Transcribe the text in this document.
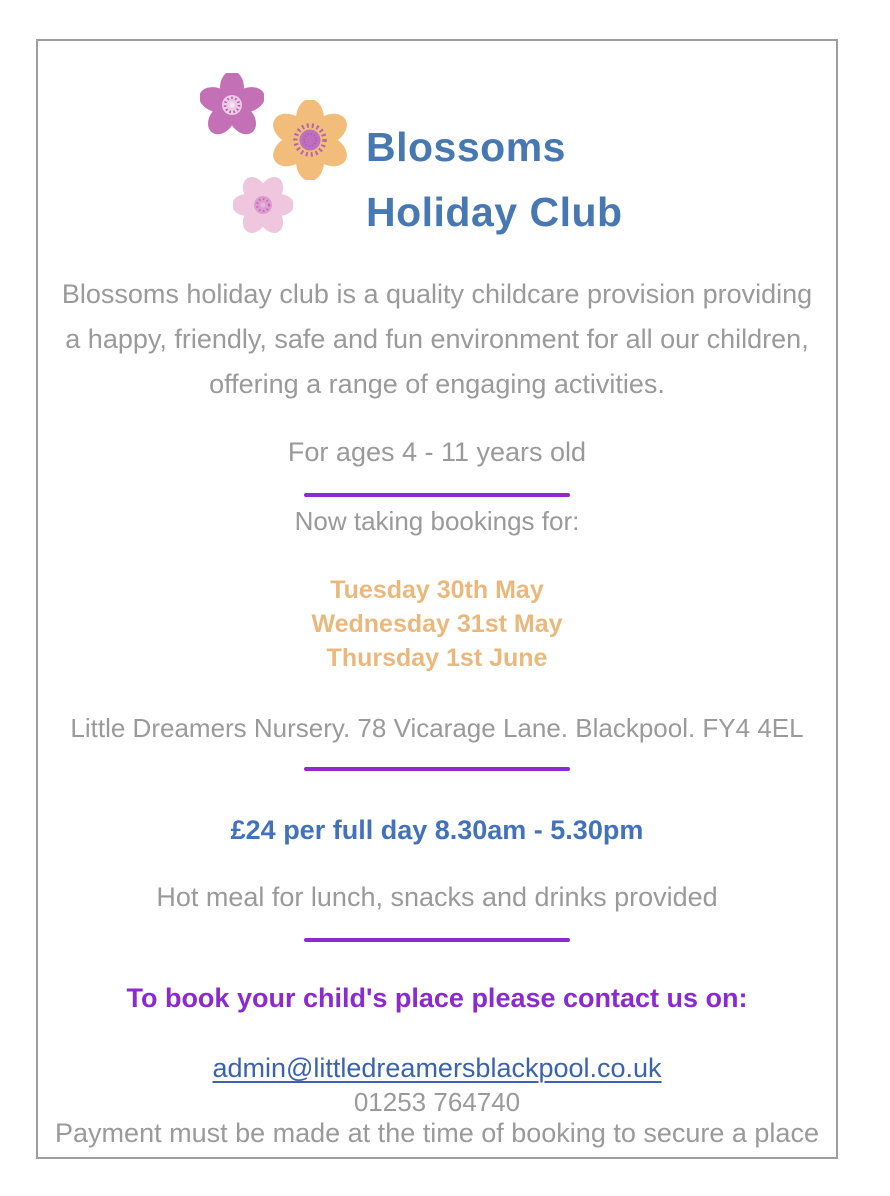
Blossoms
Holiday Club
Blossoms holiday club is a quality childcare provision providing
a happy, friendly, safe and fun environment for all our children,
offering a range of engaging activities.
For ages 4 - 11 years old
Now taking bookings for:
Tuesday 30th May
Wednesday 31st May
Thursday 1st June
Little Dreamers Nursery. 78 Vicarage Lane. Blackpool. FY4 4EL
£24 per full day 8.30am - 5.30pm
Hot meal for lunch, snacks and drinks provided
To book your child's place please contact us on:
admin@littledreamersblackpool.co.uk
01253 764740
Payment must be made at the time of booking to secure a place
